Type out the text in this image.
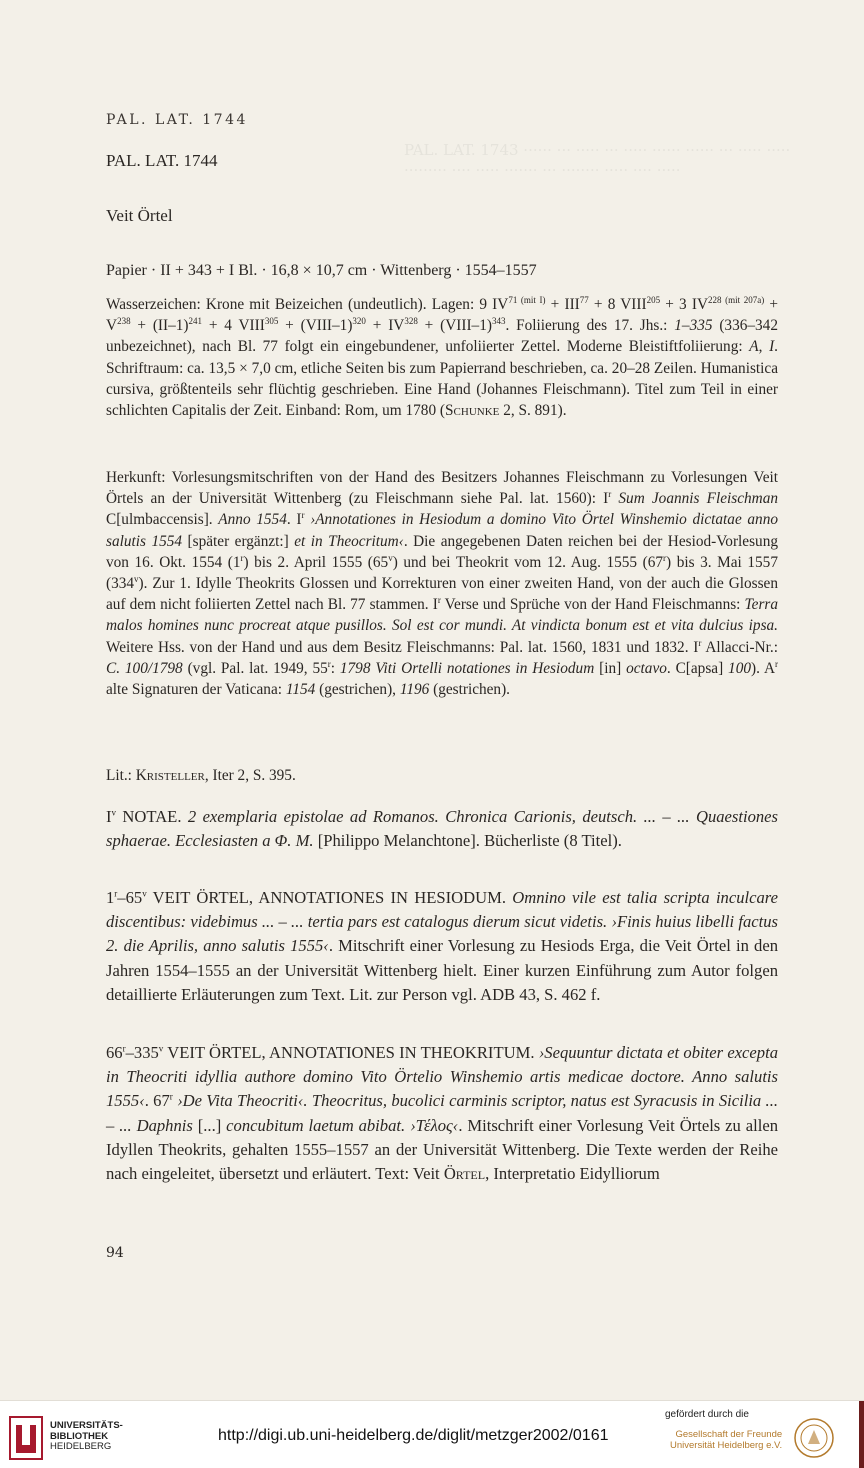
PAL. LAT. 1743 ······ ··· ····· ··· ····· ······ ······ ··· ····· ····· ········· ···· ····· ······· ··· ········ ····· ···· ·····
PAL. LAT. 1744
PAL. LAT. 1744
Veit Örtel
Papier · II + 343 + I Bl. · 16,8 × 10,7 cm · Wittenberg · 1554–1557
Wasserzeichen: Krone mit Beizeichen (undeutlich). Lagen: 9 $IV^{71 (mit I)} + III^{77} + 8$ $VIII^{205} + 3$ $IV^{228 (mit 207a)} + V^{238} + (II-1)^{241} + 4$ $VIII^{305}$ + (VIII–1)$^{320}$ + $IV^{328}$ + (VIII–1)$^{343}$. Foliierung des 17. Jhs.: 1–335 (336–342 unbezeichnet), nach Bl. 77 folgt ein eingebundener, unfoliierter Zettel. Moderne Bleistiftfoliierung: A, I. Schriftraum: ca. 13,5 × 7,0 cm, etliche Seiten bis zum Papierrand beschrieben, ca. 20–28 Zeilen. Humanistica cursiva, größtenteils sehr flüchtig geschrieben. Eine Hand (Johannes Fleischmann). Titel zum Teil in einer schlichten Capitalis der Zeit. Einband: Rom, um 1780 (Schunke 2, S. 891).
Herkunft: Vorlesungsmitschriften von der Hand des Besitzers Johannes Fleischmann zu Vorlesungen Veit Örtels an der Universität Wittenberg (zu Fleischmann siehe Pal. lat. 1560): $I^r$ Sum Joannis Fleischman C[ulmbaccensis]. Anno 1554. $I^r$ ›Annotationes in Hesiodum a domino Vito Örtel Winshemio dictatae anno salutis 1554 [später ergänzt:] et in Theocritum‹. Die angegebenen Daten reichen bei der Hesiod-Vorlesung von 16. Okt. 1554 (1$^r$) bis 2. April 1555 (65$^v$) und bei Theokrit vom 12. Aug. 1555 (67$^r$) bis 3. Mai 1557 (334$^v$). Zur 1. Idylle Theokrits Glossen und Korrekturen von einer zweiten Hand, von der auch die Glossen auf dem nicht foliierten Zettel nach Bl. 77 stammen. $I^r$ Verse und Sprüche von der Hand Fleischmanns: Terra malos homines nunc procreat atque pusillos. Sol est cor mundi. At vindicta bonum est et vita dulcius ipsa. Weitere Hss. von der Hand und aus dem Besitz Fleischmanns: Pal. lat. 1560, 1831 und 1832. $I^r$ Allacci-Nr.: C. 100/1798 (vgl. Pal. lat. 1949, 55$^r$: 1798 Viti Ortelli notationes in Hesiodum [in] octavo. C[apsa] 100). $A^r$ alte Signaturen der Vaticana: 1154 (gestrichen), 1196 (gestrichen).
Lit.: Kristeller, Iter 2, S. 395.
$I^v$ NOTAE. 2 exemplaria epistolae ad Romanos. Chronica Carionis, deutsch. ... – ... Quaestiones sphaerae. Ecclesiasten a Φ. M. [Philippo Melanchtone]. Bücherliste (8 Titel).
1$^r$–65$^v$ VEIT ÖRTEL, ANNOTATIONES IN HESIODUM. Omnino vile est talia scripta inculcare discentibus: videbimus ... – ... tertia pars est catalogus dierum sicut videtis. ›Finis huius libelli factus 2. die Aprilis, anno salutis 1555‹. Mitschrift einer Vorlesung zu Hesiods Erga, die Veit Örtel in den Jahren 1554–1555 an der Universität Wittenberg hielt. Einer kurzen Einführung zum Autor folgen detaillierte Erläuterungen zum Text. Lit. zur Person vgl. ADB 43, S. 462 f.
66$^r$–335$^v$ VEIT ÖRTEL, ANNOTATIONES IN THEOKRITUM. ›Sequuntur dictata et obiter excepta in Theocriti idyllia authore domino Vito Örtelio Winshemio artis medicae doctore. Anno salutis 1555‹. 67$^r$ ›De Vita Theocriti‹. Theocritus, bucolici carminis scriptor, natus est Syracusis in Sicilia ... – ... Daphnis [...] concubitum laetum abibat. ›Τέλος‹. Mitschrift einer Vorlesung Veit Örtels zu allen Idyllen Theokrits, gehalten 1555–1557 an der Universität Wittenberg. Die Texte werden der Reihe nach eingeleitet, übersetzt und erläutert. Text: Veit Örtel, Interpretatio Eidylliorum
94
UNIVERSITÄTS-
BIBLIOTHEK
HEIDELBERG
http://digi.ub.uni-heidelberg.de/diglit/metzger2002/0161
gefördert durch die
Gesellschaft der Freunde
Universität Heidelberg e.V.
